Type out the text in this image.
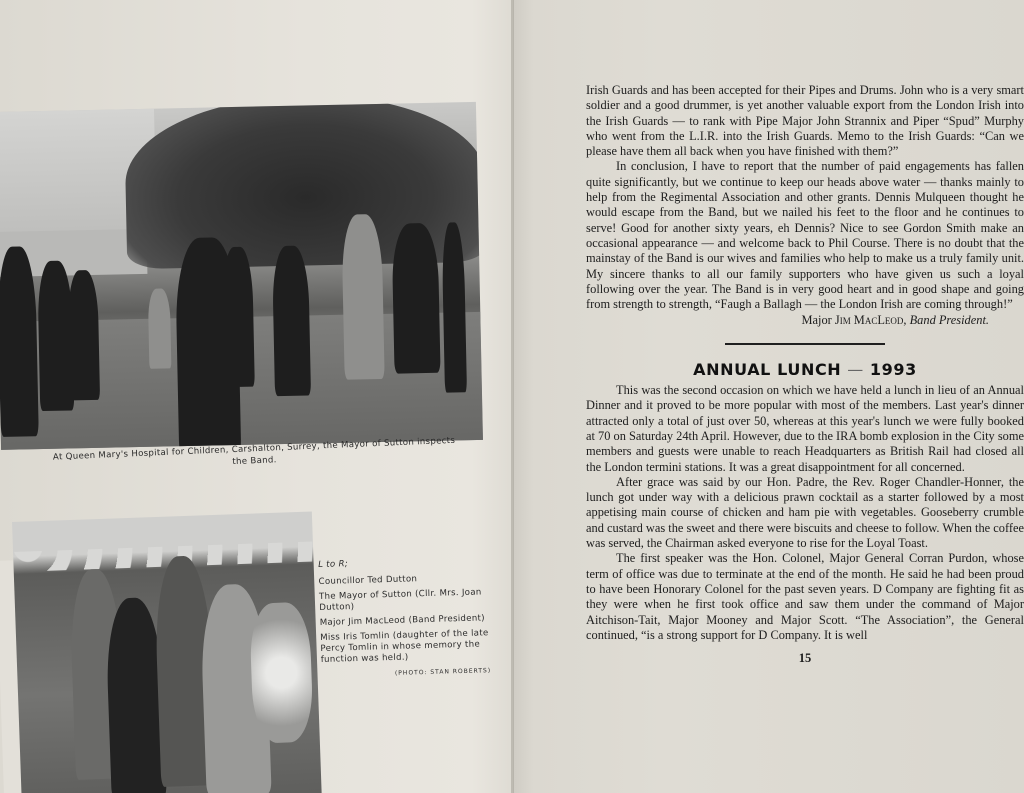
At Queen Mary's Hospital for Children, Carshalton, Surrey, the Mayor of Sutton inspects the Band.
L to R;
Councillor Ted Dutton
The Mayor of Sutton (Cllr. Mrs. Joan Dutton)
Major Jim MacLeod (Band President)
Miss Iris Tomlin (daughter of the late Percy Tomlin in whose memory the function was held.)
(PHOTO: STAN ROBERTS)

Irish Guards and has been accepted for their Pipes and Drums. John who is a very smart soldier and a good drummer, is yet another valuable export from the London Irish into the Irish Guards — to rank with Pipe Major John Strannix and Piper “Spud” Murphy who went from the L.I.R. into the Irish Guards. Memo to the Irish Guards: “Can we please have them all back when you have finished with them?”

In conclusion, I have to report that the number of paid engagements has fallen quite significantly, but we continue to keep our heads above water — thanks mainly to help from the Regimental Association and other grants. Dennis Mulqueen thought he would escape from the Band, but we nailed his feet to the floor and he continues to serve! Good for another sixty years, eh Dennis? Nice to see Gordon Smith make an occasional appearance — and welcome back to Phil Course. There is no doubt that the mainstay of the Band is our wives and families who help to make us a truly family unit. My sincere thanks to all our family supporters who have given us such a loyal following over the year. The Band is in very good heart and in good shape and going from strength to strength, “Faugh a Ballagh — the London Irish are coming through!”

Major Jim MacLeod, Band President.
ANNUAL LUNCH — 1993

This was the second occasion on which we have held a lunch in lieu of an Annual Dinner and it proved to be more popular with most of the members. Last year's dinner attracted only a total of just over 50, whereas at this year's lunch we were fully booked at 70 on Saturday 24th April. However, due to the IRA bomb explosion in the City some members and guests were unable to reach Headquarters as British Rail had closed all the London termini stations. It was a great disappointment for all concerned.

After grace was said by our Hon. Padre, the Rev. Roger Chandler-Honner, the lunch got under way with a delicious prawn cocktail as a starter followed by a most appetising main course of chicken and ham pie with vegetables. Gooseberry crumble and custard was the sweet and there were biscuits and cheese to follow. When the coffee was served, the Chairman asked everyone to rise for the Loyal Toast.

The first speaker was the Hon. Colonel, Major General Corran Purdon, whose term of office was due to terminate at the end of the month. He said he had been proud to have been Honorary Colonel for the past seven years. D Company are fighting fit as they were when he first took office and saw them under the command of Major Aitchison-Tait, Major Mooney and Major Scott. “The Association”, the General continued, “is a strong support for D Company. It is well

15
